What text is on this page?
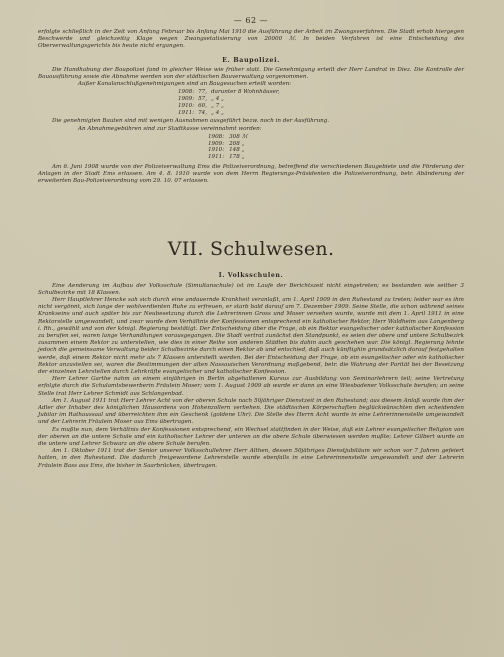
— 62 —

erfolgte schließlich in der Zeit von Anfang Februar bis Anfang Mai 1910 die Ausführung der Arbeit im Zwangsverfahren. Die Stadt erhob hiergegen Beschwerde und gleichzeitig Klage wegen Zwangsetatisierung von 20000 ℳ. In beiden Verfahren ist eine Entscheidung des Oberverwaltungsgerichts bis heute nicht ergangen.

E. Baupolizei.

Die Handhabung der Baupolizei fand in gleicher Weise wie früher statt. Die Genehmigung erteilt der Herr Landrat in Diez. Die Kontrolle der Bauausführung sowie die Abnahme werden von der städtischen Bauverwaltung vorgenommen.

Außer Kanalanschlußgenehmigungen sind an Baugesuchen erteilt worden:
1908:	77,	darunter 8 Wohnhäuser,
1909:	57,	„ 4 „
1910:	60,	„ 7 „
1911:	74,	„ 4 „

Die genehmigten Bauten sind mit wenigen Ausnahmen ausgeführt bezw. noch in der Ausführung.

An Abnahmegebühren sind zur Stadtkasse vereinnahmt worden:
1908:	308 ℳ
1909:	208 „
1910:	148 „
1911:	178 „

Am 6. Juni 1908 wurde von der Polizeiverwaltung Ems die Polizeiverordnung, betreffend die verschiedenen Baugebiete und die Förderung der Anlagen in der Stadt Ems erlassen. Am 4. 8. 1910 wurde von dem Herrn Regierungs-Präsidenten die Polizeiverordnung, betr. Abänderung der erweiterten Bau-Polizeiverordnung vom 29. 10. 07 erlassen.

VII. Schulwesen.
I. Volksschulen.

Eine Aenderung im Aufbau der Volksschule (Simultanschule) ist im Laufe der Berichtszeit nicht eingetreten; es bestanden wie seither 3 Schulbezirke mit 18 Klassen.

Herr Hauptlehrer Hencke sah sich durch eine andauernde Krankheit veranlaßt, am 1. April 1909 in den Ruhestand zu treten; leider war es ihm nicht vergönnt, sich lange der wohlverdienten Ruhe zu erfreuen, er starb bald darauf am 7. Dezember 1909. Seine Stelle, die schon während seines Krankseins und auch später bis zur Neubesetzung durch die Lehrerinnen Gross und Moser versehen wurde, wurde mit dem 1. April 1911 in eine Rektorstelle umgewandelt, und zwar wurde dem Verhältnis der Konfessionen entsprechend ein katholischer Rektor, Herr Waldheim aus Langenberg i. Rh., gewählt und von der königl. Regierung bestätigt. Der Entscheidung über die Frage, ob ein Rektor evangelischer oder katholischer Konfession zu berufen sei, waren lange Verhandlungen vorausgegangen. Die Stadt vertrat zunächst den Standpunkt, es seien der obere und untere Schulbezirk zusammen einem Rektor zu unterstellen, wie dies in einer Reihe von anderen Städten bis dahin auch geschehen war. Die königl. Regierung lehnte jedoch die gemeinsame Verwaltung beider Schulbezirke durch einen Rektor ab und entschied, daß auch künftighin grundsätzlich darauf festgehalten werde, daß einem Rektor nicht mehr als 7 Klassen unterstellt werden. Bei der Entscheidung der Frage, ob ein evangelischer oder ein katholischer Rektor anzustellen sei, waren die Bestimmungen der alten Nassauischen Verordnung maßgebend, betr. die Wahrung der Parität bei der Besetzung der einzelnen Lehrstellen durch Lehrkräfte evangelischer und katholischer Konfession.

Herr Lehrer Garthe nahm an einem einjährigen in Berlin abgehaltenen Kursus zur Ausbildung von Seminarlehrern teil; seine Vertretung erfolgte durch die Schulamtsbewerberin Fräulein Moser; vom 1. August 1909 ab wurde er dann an eine Wiesbadener Volksschule berufen; an seine Stelle trat Herr Lehrer Schmidt aus Schlangenbad.

Am 1. August 1911 trat Herr Lehrer Acht von der oberen Schule nach 50jähriger Dienstzeit in den Ruhestand; aus diesem Anlaß wurde ihm der Adler der Inhaber des königlichen Hausordens von Hohenzollern verliehen. Die städtischen Körperschaften beglückwünschten den scheidenden Jubilar im Rathaussaal und überreichten ihm ein Geschenk (goldene Uhr). Die Stelle des Herrn Acht wurde in eine Lehrerinnenstelle umgewandelt und der Lehrerin Fräulein Moser aus Ems übertragen.

Es mußte nun, dem Verhältnis der Konfessionen entsprechend, ein Wechsel stattfinden in der Weise, daß ein Lehrer evangelischer Religion von der oberen an die untere Schule und ein katholischer Lehrer der unteren an die obere Schule überwiesen werden mußte; Lehrer Gilbert wurde an die untere und Lehrer Schwarz an die obere Schule berufen.

Am 1. Oktober 1911 trat der Senior unserer Volksschullehrer Herr Althen, dessen 50jähriges Dienstjubiläum wir schon vor 7 Jahren gefeiert hatten, in den Ruhestand. Die dadurch freigewordene Lehrerstelle wurde ebenfalls in eine Lehrerinnenstelle umgewandelt und der Lehrerin Fräulein Bass aus Ems, die bisher in Saarbrücken, übertragen.
